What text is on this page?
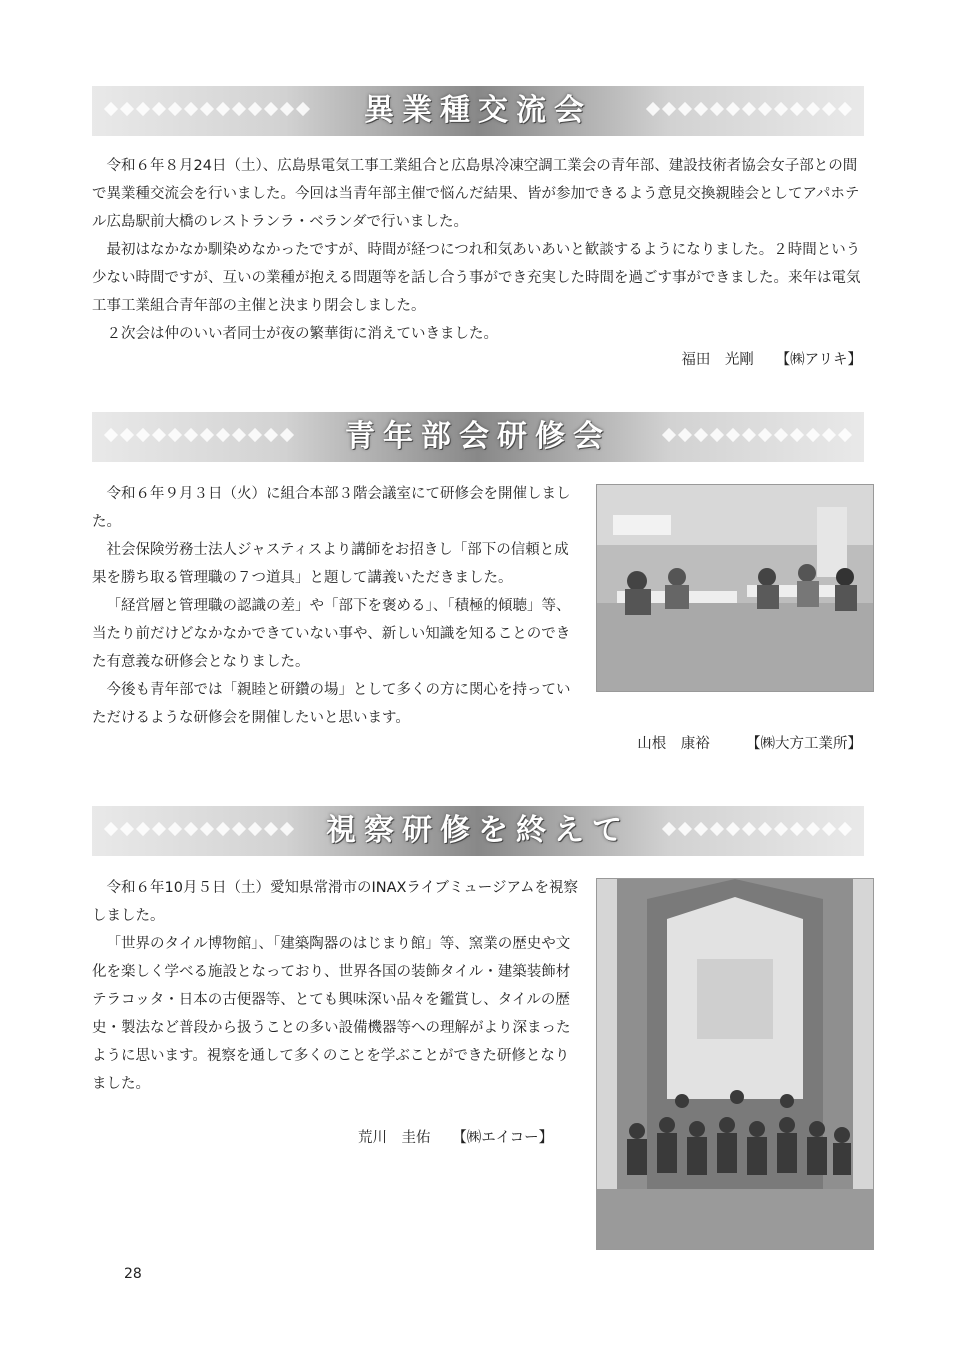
異業種交流会

令和６年８月24日（土）、広島県電気工事工業組合と広島県冷凍空調工業会の青年部、建設技術者協会女子部との間で異業種交流会を行いました。今回は当青年部主催で悩んだ結果、皆が参加できるよう意見交換親睦会としてアパホテル広島駅前大橋のレストランラ・ベランダで行いました。

最初はなかなか馴染めなかったですが、時間が経つにつれ和気あいあいと歓談するようになりました。２時間という少ない時間ですが、互いの業種が抱える問題等を話し合う事ができ充実した時間を過ごす事ができました。来年は電気工事工業組合青年部の主催と決まり閉会しました。

２次会は仲のいい者同士が夜の繁華街に消えていきました。

福田　光剛　　【㈱アリキ】
青年部会研修会

令和６年９月３日（火）に組合本部３階会議室にて研修会を開催しました。

社会保険労務士法人ジャスティスより講師をお招きし「部下の信頼と成果を勝ち取る管理職の７つ道具」と題して講義いただきました。

「経営層と管理職の認識の差」や「部下を褒める」、「積極的傾聴」等、当たり前だけどなかなかできていない事や、新しい知識を知ることのできた有意義な研修会となりました。

今後も青年部では「親睦と研鑽の場」として多くの方に関心を持っていただけるような研修会を開催したいと思います。

山根　康裕　　　【㈱大方工業所】
視察研修を終えて

令和６年10月５日（土）愛知県常滑市のINAXライブミュージアムを視察しました。

「世界のタイル博物館」、「建築陶器のはじまり館」等、窯業の歴史や文化を楽しく学べる施設となっており、世界各国の装飾タイル・建築装飾材テラコッタ・日本の古便器等、とても興味深い品々を鑑賞し、タイルの歴史・製法など普段から扱うことの多い設備機器等への理解がより深まったように思います。視察を通して多くのことを学ぶことができた研修となりました。

荒川　圭佑　　【㈱エイコー】
28
